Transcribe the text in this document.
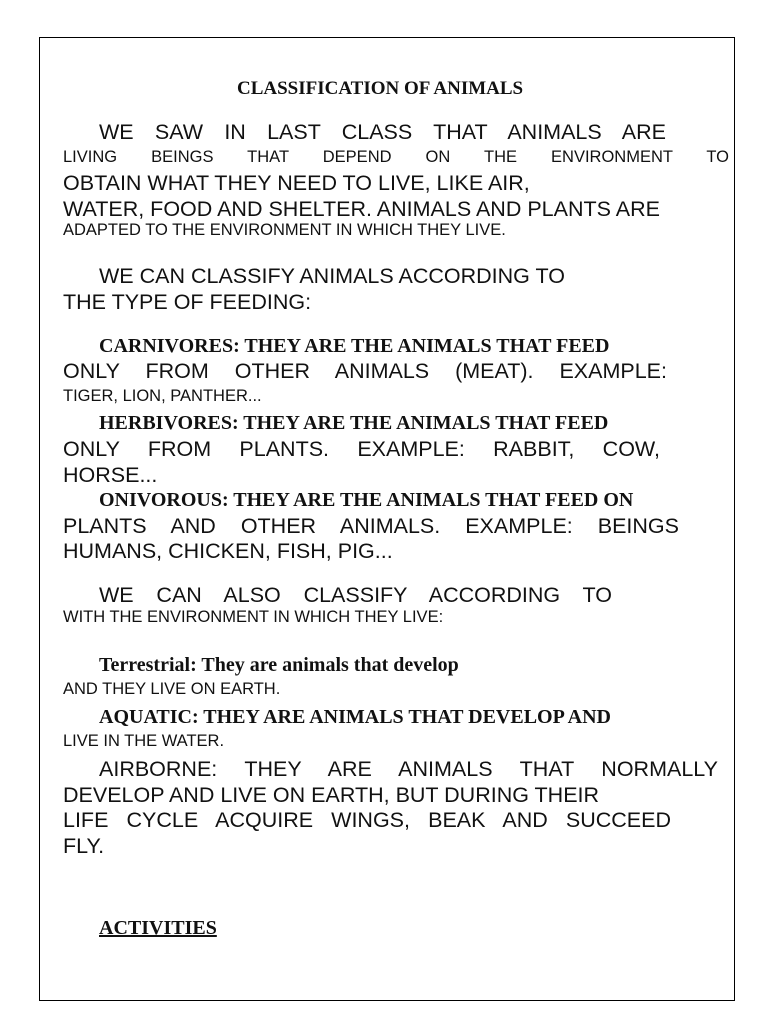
CLASSIFICATION OF ANIMALS
WE SAW IN LAST CLASS THAT ANIMALS ARE
LIVING BEINGS THAT DEPEND ON THE ENVIRONMENT TO
OBTAIN WHAT THEY NEED TO LIVE, LIKE AIR,
WATER, FOOD AND SHELTER. ANIMALS AND PLANTS ARE
ADAPTED TO THE ENVIRONMENT IN WHICH THEY LIVE.
WE CAN CLASSIFY ANIMALS ACCORDING TO
THE TYPE OF FEEDING:
CARNIVORES: THEY ARE THE ANIMALS THAT FEED
ONLY FROM OTHER ANIMALS (MEAT). EXAMPLE:
TIGER, LION, PANTHER...
HERBIVORES: THEY ARE THE ANIMALS THAT FEED
ONLY FROM PLANTS. EXAMPLE: RABBIT, COW,
HORSE...
ONIVOROUS: THEY ARE THE ANIMALS THAT FEED ON
PLANTS AND OTHER ANIMALS. EXAMPLE: BEINGS
HUMANS, CHICKEN, FISH, PIG...
WE CAN ALSO CLASSIFY ACCORDING TO
WITH THE ENVIRONMENT IN WHICH THEY LIVE:
Terrestrial: They are animals that develop
AND THEY LIVE ON EARTH.
AQUATIC: THEY ARE ANIMALS THAT DEVELOP AND
LIVE IN THE WATER.
AIRBORNE: THEY ARE ANIMALS THAT NORMALLY
DEVELOP AND LIVE ON EARTH, BUT DURING THEIR
LIFE CYCLE ACQUIRE WINGS, BEAK AND SUCCEED
FLY.
ACTIVITIES
